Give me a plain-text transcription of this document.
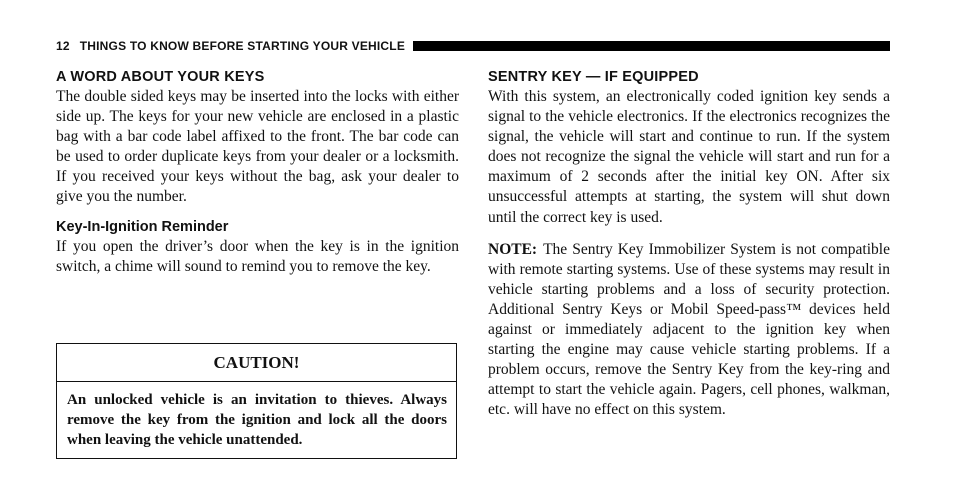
12 THINGS TO KNOW BEFORE STARTING YOUR VEHICLE
A WORD ABOUT YOUR KEYS

The double sided keys may be inserted into the locks with either side up. The keys for your new vehicle are enclosed in a plastic bag with a bar code label affixed to the front. The bar code can be used to order duplicate keys from your dealer or a locksmith. If you received your keys without the bag, ask your dealer to give you the number.

Key-In-Ignition Reminder

If you open the driver’s door when the key is in the ignition switch, a chime will sound to remind you to remove the key.

CAUTION!
An unlocked vehicle is an invitation to thieves. Always remove the key from the ignition and lock all the doors when leaving the vehicle unattended.
SENTRY KEY — IF EQUIPPED

With this system, an electronically coded ignition key sends a signal to the vehicle electronics. If the electronics recognizes the signal, the vehicle will start and continue to run. If the system does not recognize the signal the vehicle will start and run for a maximum of 2 seconds after the initial key ON. After six unsuccessful attempts at starting, the system will shut down until the correct key is used.

NOTE: The Sentry Key Immobilizer System is not compatible with remote starting systems. Use of these systems may result in vehicle starting problems and a loss of security protection. Additional Sentry Keys or Mobil Speed-pass™ devices held against or immediately adjacent to the ignition key when starting the engine may cause vehicle starting problems. If a problem occurs, remove the Sentry Key from the key-ring and attempt to start the vehicle again. Pagers, cell phones, walkman, etc. will have no effect on this system.
